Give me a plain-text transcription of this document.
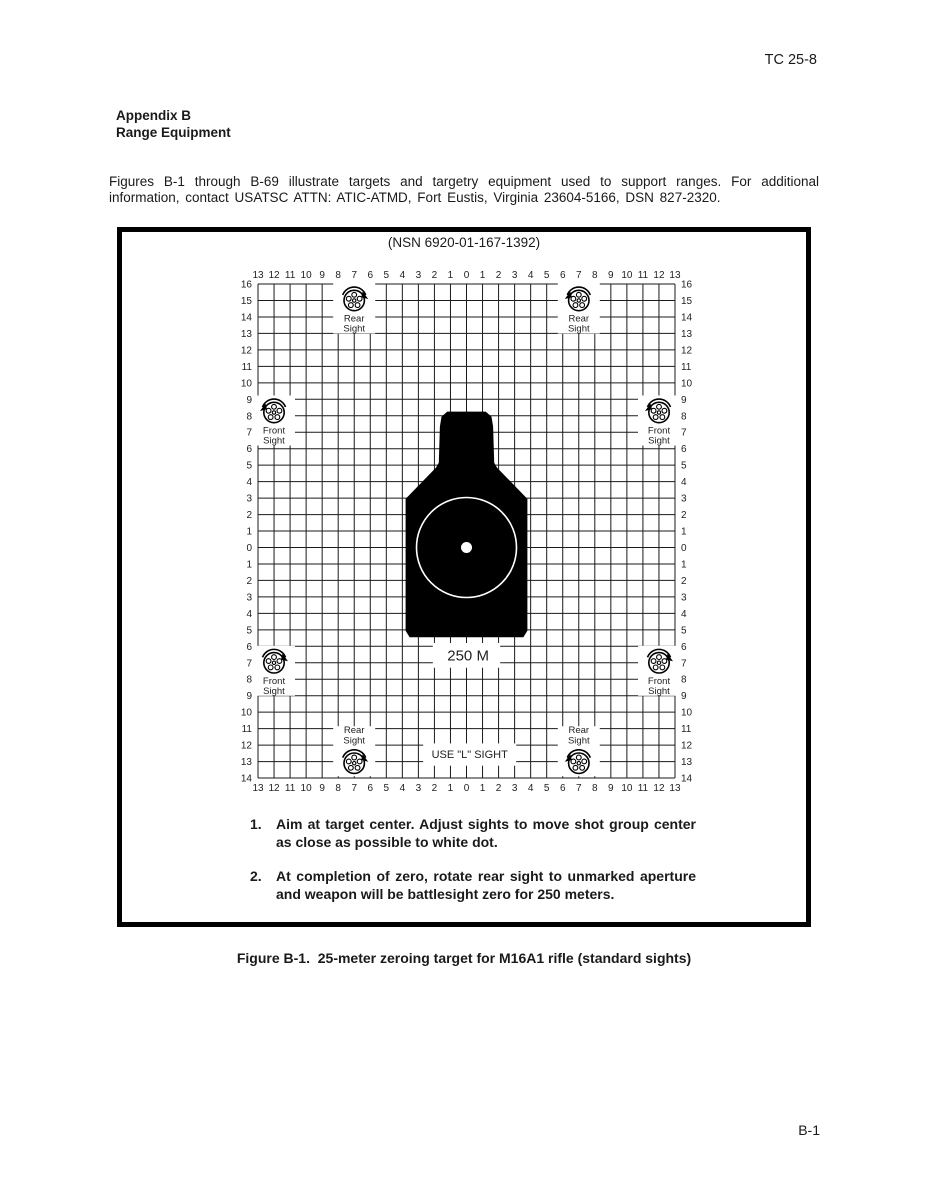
TC 25-8
Appendix B
Range Equipment

Figures B-1 through B-69 illustrate targets and targetry equipment used to support ranges. For additional information, contact USATSC ATTN: ATIC-ATMD, Fort Eustis, Virginia 23604-5166, DSN 827-2320.

(NSN 6920-01-167-1392)
13
13
12
12
11
11
10
10
9
9
8
8
7
7
6
6
5
5
4
4
3
3
2
2
1
1
0
0
1
1
2
2
3
3
4
4
5
5
6
6
7
7
8
8
9
9
10
10
11
11
12
12
13
13
16	16
15	15
14	14
13	13
12	12
11	11
10	10
9	9
8	8
7	7
6	6
5	5
4	4
3	3
2	2
1	1
0	0
1	1
2	2
3	3
4	4
5	5
6	6
7	7
8	8
9	9
10	10
11	11
12	12
13	13
14	14
250 M
USE "L" SIGHT
Rear
Sight
Rear
Sight
Front
Sight
Front
Sight
Front
Sight
Front
Sight
Rear
Sight
Rear
Sight
1.	Aim at target center. Adjust sights to move shot group center as close as possible to white dot.
2.	At completion of zero, rotate rear sight to unmarked aperture and weapon will be battlesight zero for 250 meters.
Figure B-1.  25-meter zeroing target for M16A1 rifle (standard sights)
B-1
